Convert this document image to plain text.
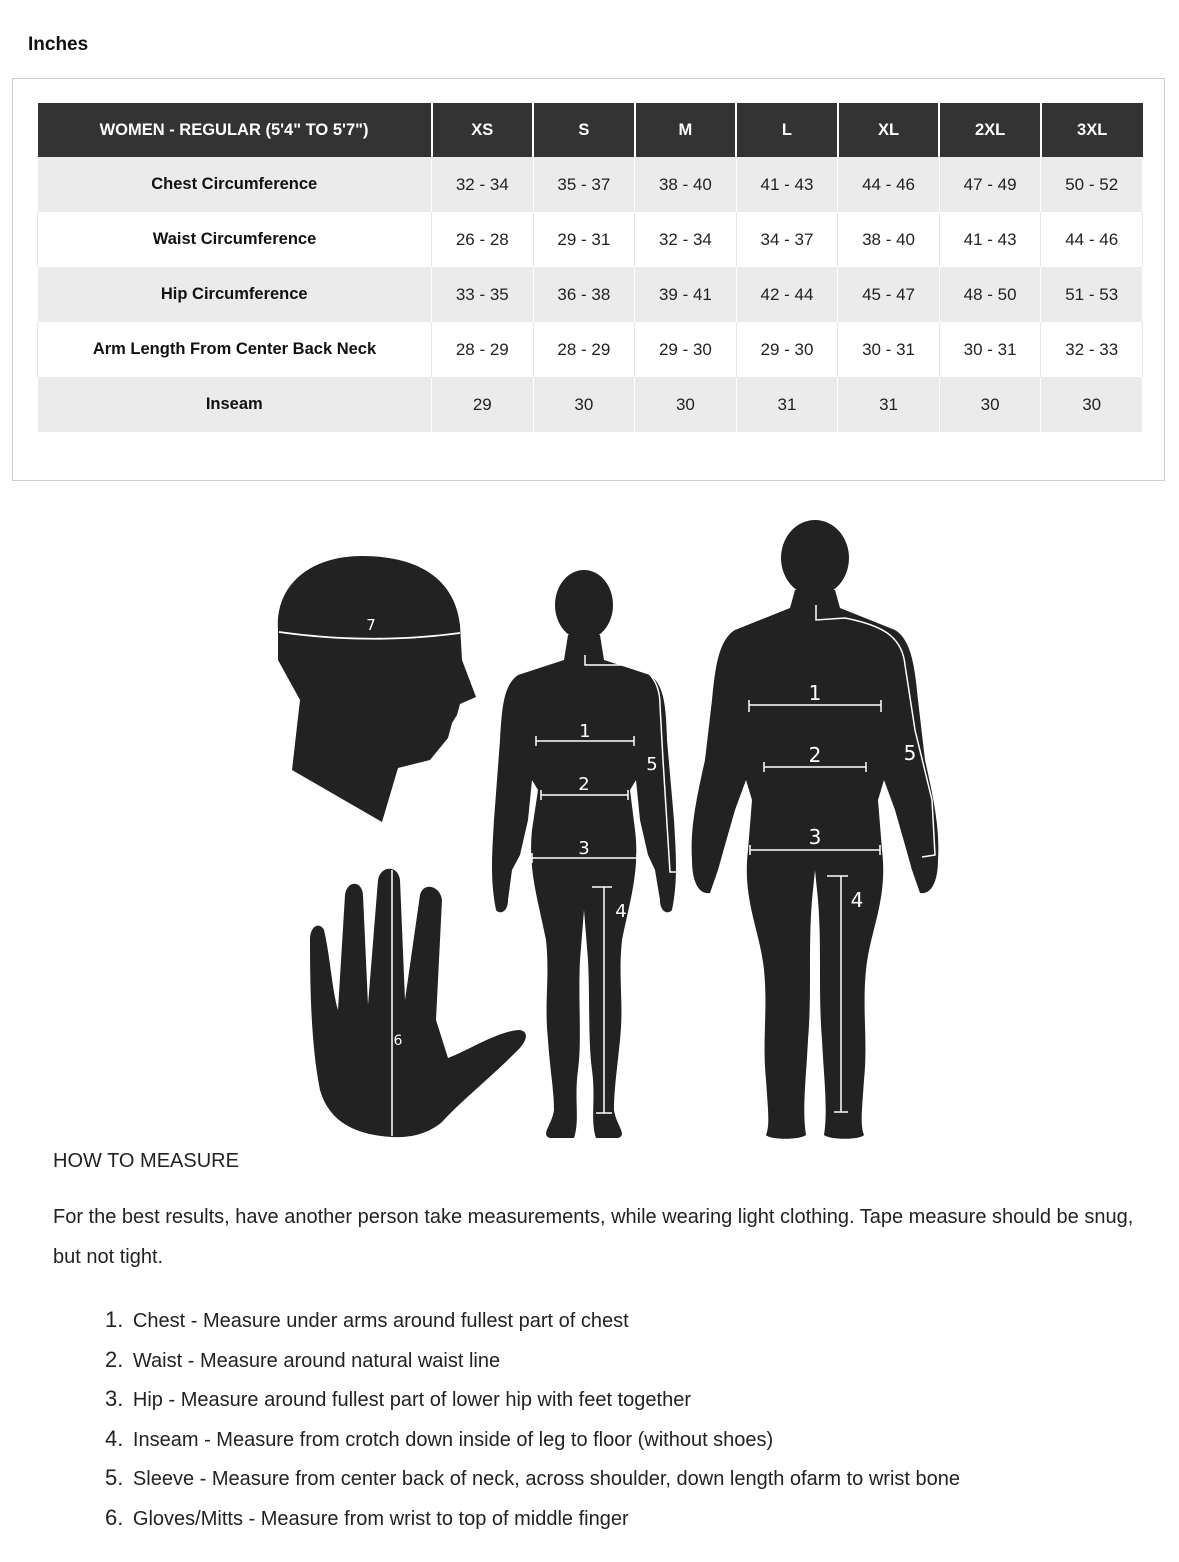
Inches
WOMEN - REGULAR (5'4" TO 5'7")	XS	S	M	L	XL	2XL	3XL
Chest Circumference	32 - 34	35 - 37	38 - 40	41 - 43	44 - 46	47 - 49	50 - 52
Waist Circumference	26 - 28	29 - 31	32 - 34	34 - 37	38 - 40	41 - 43	44 - 46
Hip Circumference	33 - 35	36 - 38	39 - 41	42 - 44	45 - 47	48 - 50	51 - 53
Arm Length From Center Back Neck	28 - 29	28 - 29	29 - 30	29 - 30	30 - 31	30 - 31	32 - 33
Inseam	29	30	30	31	31	30	30
7
6
1
2
3
4
5
1
2
3
4
5
HOW TO MEASURE

For the best results, have another person take measurements, while wearing light clothing. Tape measure should be snug, but not tight.

1. Chest - Measure under arms around fullest part of chest
2. Waist - Measure around natural waist line
3. Hip - Measure around fullest part of lower hip with feet together
4. Inseam - Measure from crotch down inside of leg to floor (without shoes)
5. Sleeve - Measure from center back of neck, across shoulder, down length ofarm to wrist bone
6. Gloves/Mitts - Measure from wrist to top of middle finger
